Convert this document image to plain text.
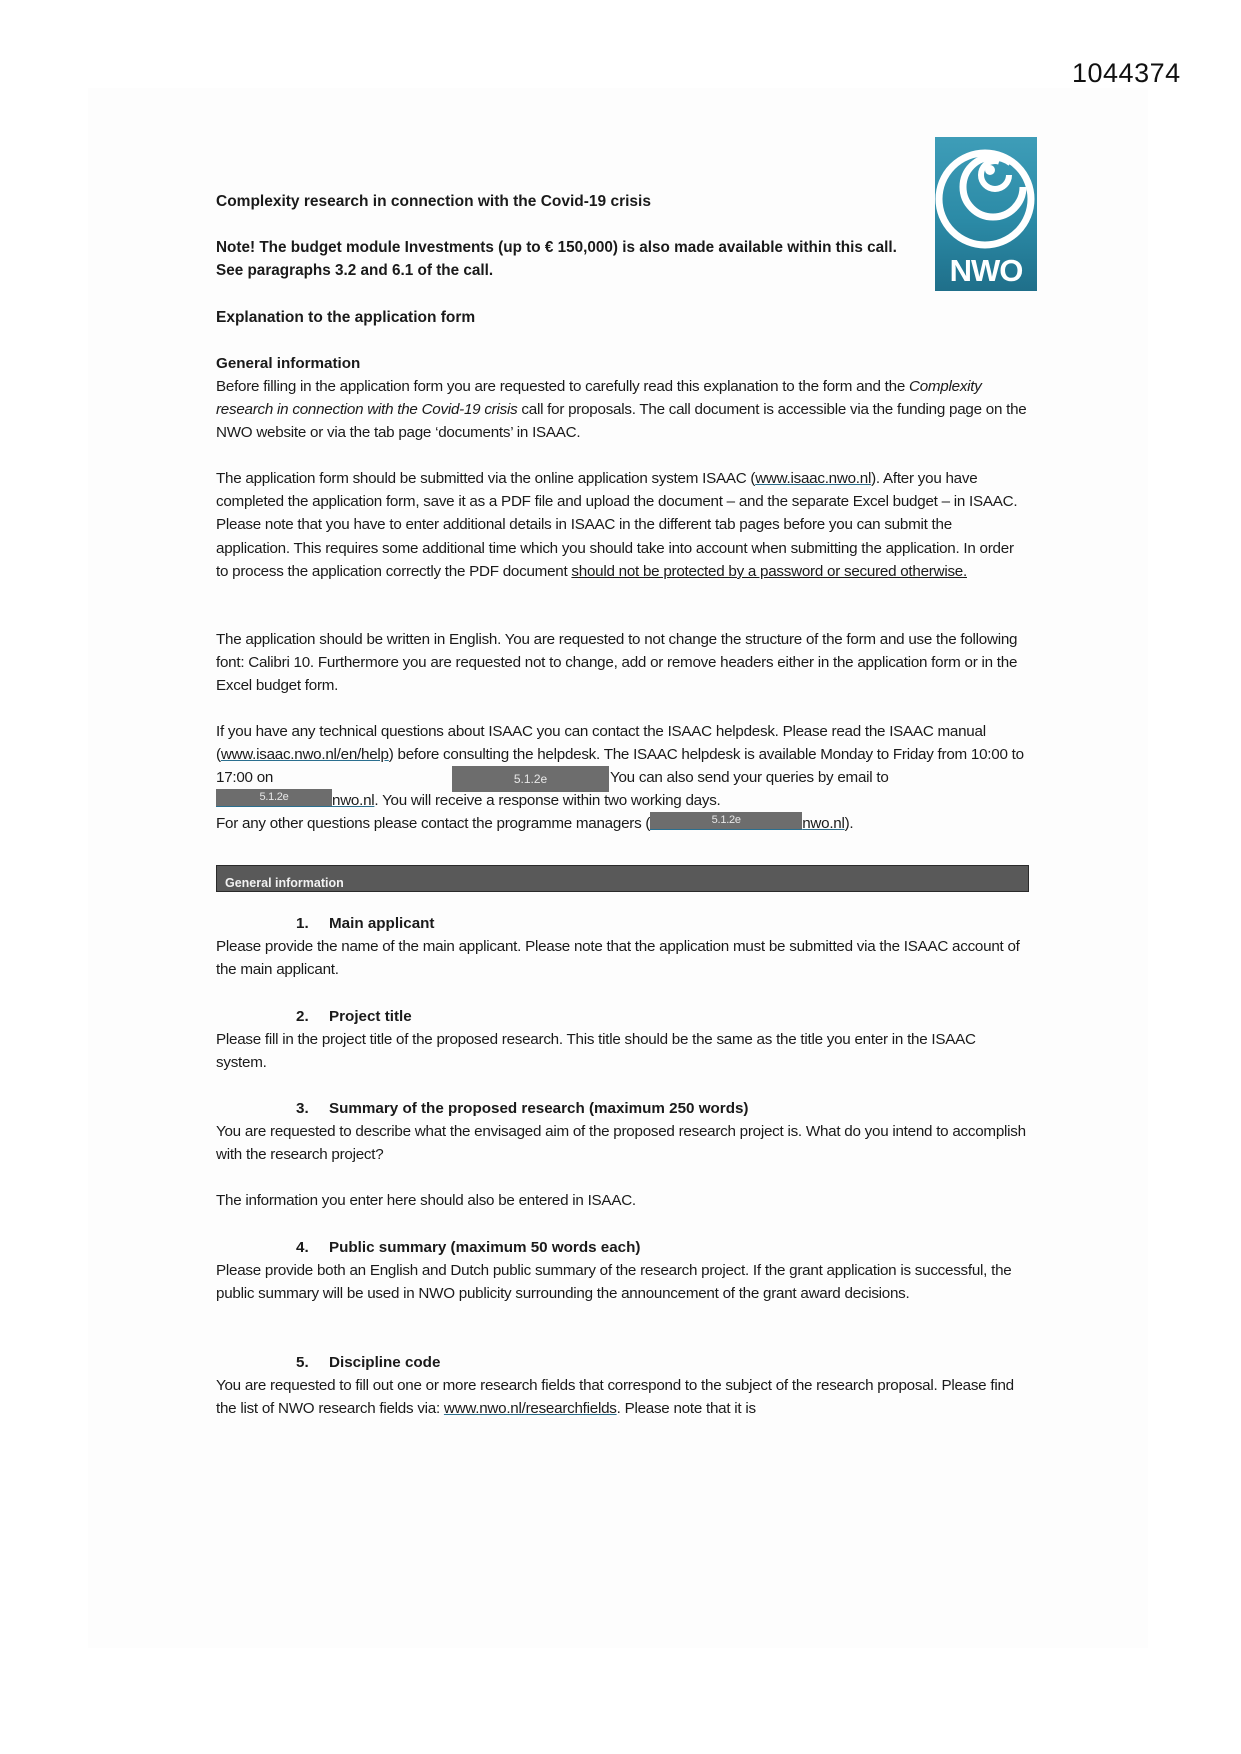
1044374
NWO
Complexity research in connection with the Covid-19 crisis
Note! The budget module Investments (up to € 150,000) is also made available within this call.
See paragraphs 3.2 and 6.1 of the call.
Explanation to the application form
General information
Before filling in the application form you are requested to carefully read this explanation to the form and the Complexity research in connection with the Covid-19 crisis call for proposals. The call document is accessible via the funding page on the NWO website or via the tab page ‘documents’ in ISAAC.
The application form should be submitted via the online application system ISAAC (www.isaac.nwo.nl). After you have completed the application form, save it as a PDF file and upload the document – and the separate Excel budget – in ISAAC. Please note that you have to enter additional details in ISAAC in the different tab pages before you can submit the application. This requires some additional time which you should take into account when submitting the application. In order to process the application correctly the PDF document should not be protected by a password or secured otherwise.
The application should be written in English. You are requested to not change the structure of the form and use the following font: Calibri 10. Furthermore you are requested not to change, add or remove headers either in the application form or in the Excel budget form.
If you have any technical questions about ISAAC you can contact the ISAAC helpdesk. Please read the ISAAC manual (www.isaac.nwo.nl/en/help) before consulting the helpdesk. The ISAAC helpdesk is available Monday to Friday from 10:00 to 17:00 on	5.1.2e	You can also send your queries by email to
5.1.2e	nwo.nl. You will receive a response within two working days.
For any other questions please contact the programme managers (	5.1.2e	nwo.nl).
General information
1. Main applicant
Please provide the name of the main applicant. Please note that the application must be submitted via the ISAAC account of the main applicant.
2. Project title
Please fill in the project title of the proposed research. This title should be the same as the title you enter in the ISAAC system.
3. Summary of the proposed research (maximum 250 words)
You are requested to describe what the envisaged aim of the proposed research project is. What do you intend to accomplish with the research project?
The information you enter here should also be entered in ISAAC.
4. Public summary (maximum 50 words each)
Please provide both an English and Dutch public summary of the research project. If the grant application is successful, the public summary will be used in NWO publicity surrounding the announcement of the grant award decisions.
5. Discipline code
You are requested to fill out one or more research fields that correspond to the subject of the research proposal. Please find the list of NWO research fields via: www.nwo.nl/researchfields. Please note that it is
